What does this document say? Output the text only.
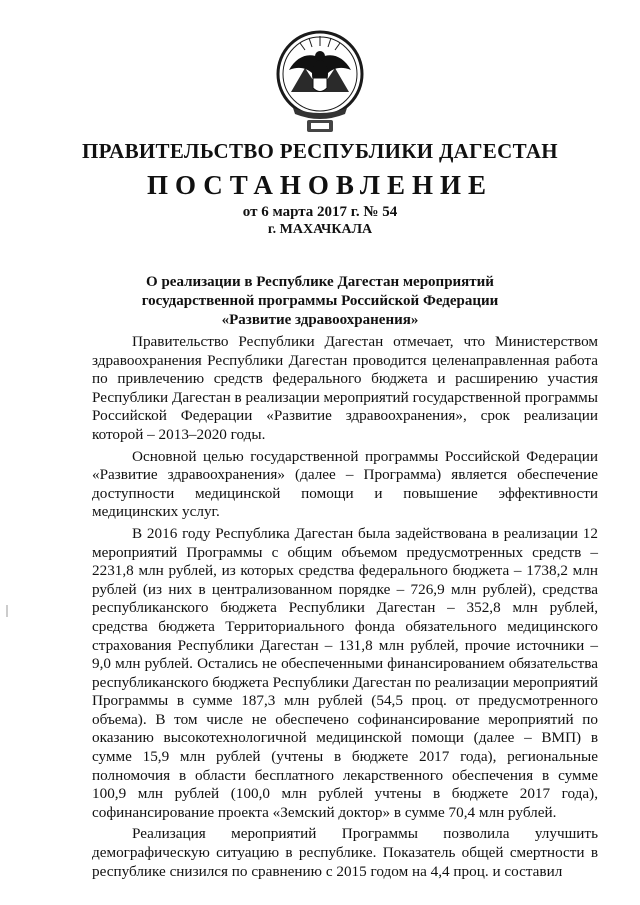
ПРАВИТЕЛЬСТВО РЕСПУБЛИКИ ДАГЕСТАН
ПОСТАНОВЛЕНИЕ
от 6 марта 2017 г. № 54
г. МАХАЧКАЛА
О реализации в Республике Дагестан мероприятий
государственной программы Российской Федерации
«Развитие здравоохранения»

Правительство Республики Дагестан отмечает, что Министерством здравоохранения Республики Дагестан проводится целенаправленная работа по привлечению средств федерального бюджета и расширению участия Республики Дагестан в реализации мероприятий государственной программы Российской Федерации «Развитие здравоохранения», срок реализации которой – 2013–2020 годы.

Основной целью государственной программы Российской Федерации «Развитие здравоохранения» (далее – Программа) является обеспечение доступности медицинской помощи и повышение эффективности медицинских услуг.

В 2016 году Республика Дагестан была задействована в реализации 12 мероприятий Программы с общим объемом предусмотренных средств – 2231,8 млн рублей, из которых средства федерального бюджета – 1738,2 млн рублей (из них в централизованном порядке – 726,9 млн рублей), средства республиканского бюджета Республики Дагестан – 352,8 млн рублей, средства бюджета Территориального фонда обязательного медицинского страхования Республики Дагестан – 131,8 млн рублей, прочие источники – 9,0 млн рублей. Остались не обеспеченными финансированием обязательства республиканского бюджета Республики Дагестан по реализации мероприятий Программы в сумме 187,3 млн рублей (54,5 проц. от предусмотренного объема). В том числе не обеспечено софинансирование мероприятий по оказанию высокотехнологичной медицинской помощи (далее – ВМП) в сумме 15,9 млн рублей (учтены в бюджете 2017 года), региональные полномочия в области бесплатного лекарственного обеспечения в сумме 100,9 млн рублей (100,0 млн рублей учтены в бюджете 2017 года), софинансирование проекта «Земский доктор» в сумме 70,4 млн рублей.

Реализация мероприятий Программы позволила улучшить демографическую ситуацию в республике. Показатель общей смертности в республике снизился по сравнению с 2015 годом на 4,4 проц. и составил
